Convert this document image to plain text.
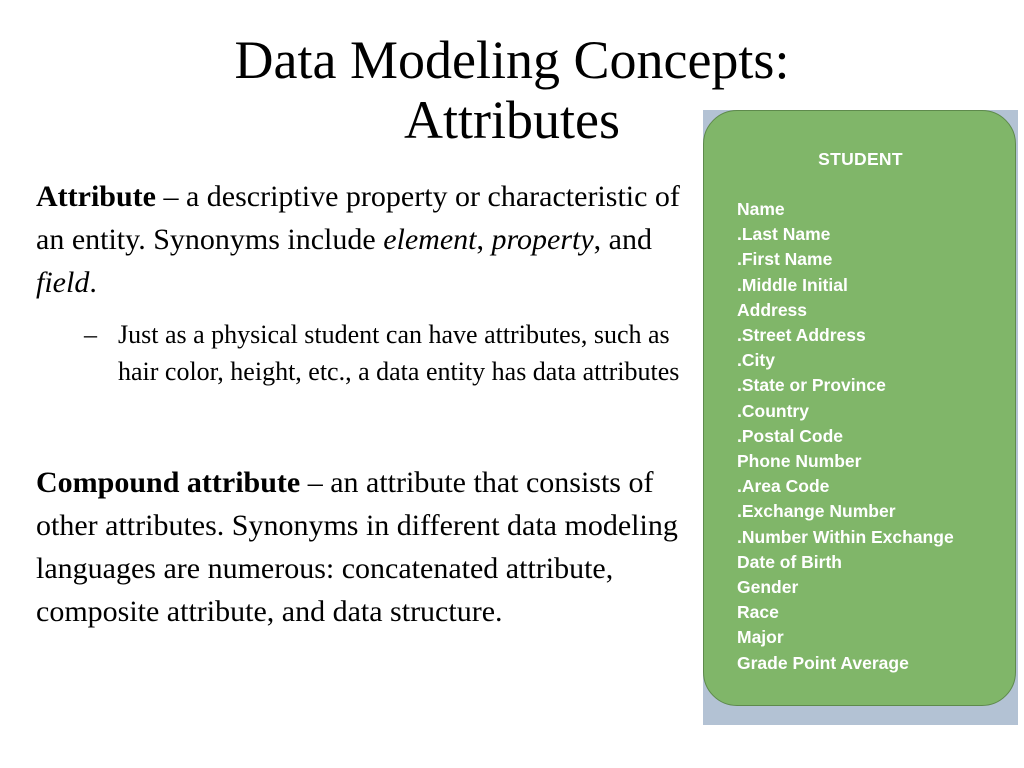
Data Modeling Concepts:
Attributes

Attribute – a descriptive property or characteristic of an entity. Synonyms include element, property, and field.

– Just as a physical student can have attributes, such as hair color, height, etc., a data entity has data attributes

Compound attribute – an attribute that consists of other attributes. Synonyms in different data modeling languages are numerous: concatenated attribute, composite attribute, and data structure.

STUDENT
Name
.Last Name
.First Name
.Middle Initial
Address
.Street Address
.City
.State or Province
.Country
.Postal Code
Phone Number
.Area Code
.Exchange Number
.Number Within Exchange
Date of Birth
Gender
Race
Major
Grade Point Average
